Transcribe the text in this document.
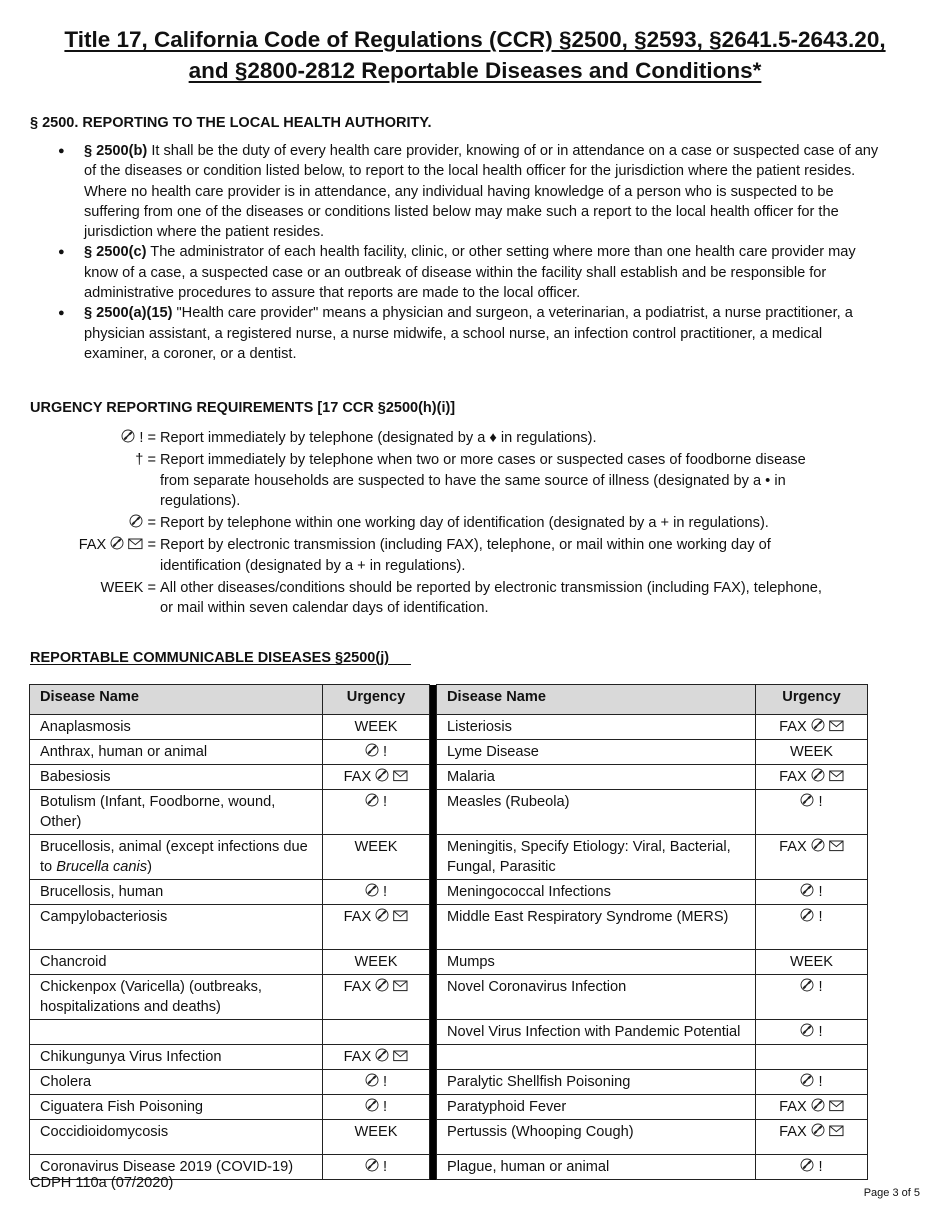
Title 17, California Code of Regulations (CCR) §2500, §2593, §2641.5-2643.20,
and §2800-2812 Reportable Diseases and Conditions*
§ 2500. REPORTING TO THE LOCAL HEALTH AUTHORITY.
● § 2500(b) It shall be the duty of every health care provider, knowing of or in attendance on a case or suspected case of any of the diseases or condition listed below, to report to the local health officer for the jurisdiction where the patient resides. Where no health care provider is in attendance, any individual having knowledge of a person who is suspected to be suffering from one of the diseases or conditions listed below may make such a report to the local health officer for the jurisdiction where the patient resides.
● § 2500(c) The administrator of each health facility, clinic, or other setting where more than one health care provider may know of a case, a suspected case or an outbreak of disease within the facility shall establish and be responsible for administrative procedures to assure that reports are made to the local officer.
● § 2500(a)(15) "Health care provider" means a physician and surgeon, a veterinarian, a podiatrist, a nurse practitioner, a physician assistant, a registered nurse, a nurse midwife, a school nurse, an infection control practitioner, a medical examiner, a coroner, or a dentist.
URGENCY REPORTING REQUIREMENTS [17 CCR §2500(h)(i)]
! = Report immediately by telephone (designated by a ♦ in regulations).
† = Report immediately by telephone when two or more cases or suspected cases of foodborne disease from separate households are suspected to have the same source of illness (designated by a • in regulations).
= Report by telephone within one working day of identification (designated by a + in regulations).
FAX	= Report by electronic transmission (including FAX), telephone, or mail within one working day of identification (designated by a + in regulations).
WEEK = All other diseases/conditions should be reported by electronic transmission (including FAX), telephone, or mail within seven calendar days of identification.
REPORTABLE COMMUNICABLE DISEASES §2500(j)
Disease Name	Urgency		Disease Name	Urgency
Anaplasmosis	WEEK		Listeriosis	FAX
Anthrax, human or animal	!		Lyme Disease	WEEK
Babesiosis	FAX		Malaria	FAX
Botulism (Infant, Foodborne, wound, Other)	!		Measles (Rubeola)	!
Brucellosis, animal (except infections due to Brucella canis)	WEEK		Meningitis, Specify Etiology: Viral, Bacterial, Fungal, Parasitic	FAX
Brucellosis, human	!		Meningococcal Infections	!
Campylobacteriosis	FAX		Middle East Respiratory Syndrome (MERS)	!
Chancroid	WEEK		Mumps	WEEK
Chickenpox (Varicella) (outbreaks, hospitalizations and deaths)	FAX		Novel Coronavirus Infection	!
			Novel Virus Infection with Pandemic Potential	!
Chikungunya Virus Infection	FAX			
Cholera	!		Paralytic Shellfish Poisoning	!
Ciguatera Fish Poisoning	!		Paratyphoid Fever	FAX
Coccidioidomycosis	WEEK		Pertussis (Whooping Cough)	FAX
Coronavirus Disease 2019 (COVID-19)	!		Plague, human or animal	!
CDPH 110a (07/2020)
Page 3 of 5
